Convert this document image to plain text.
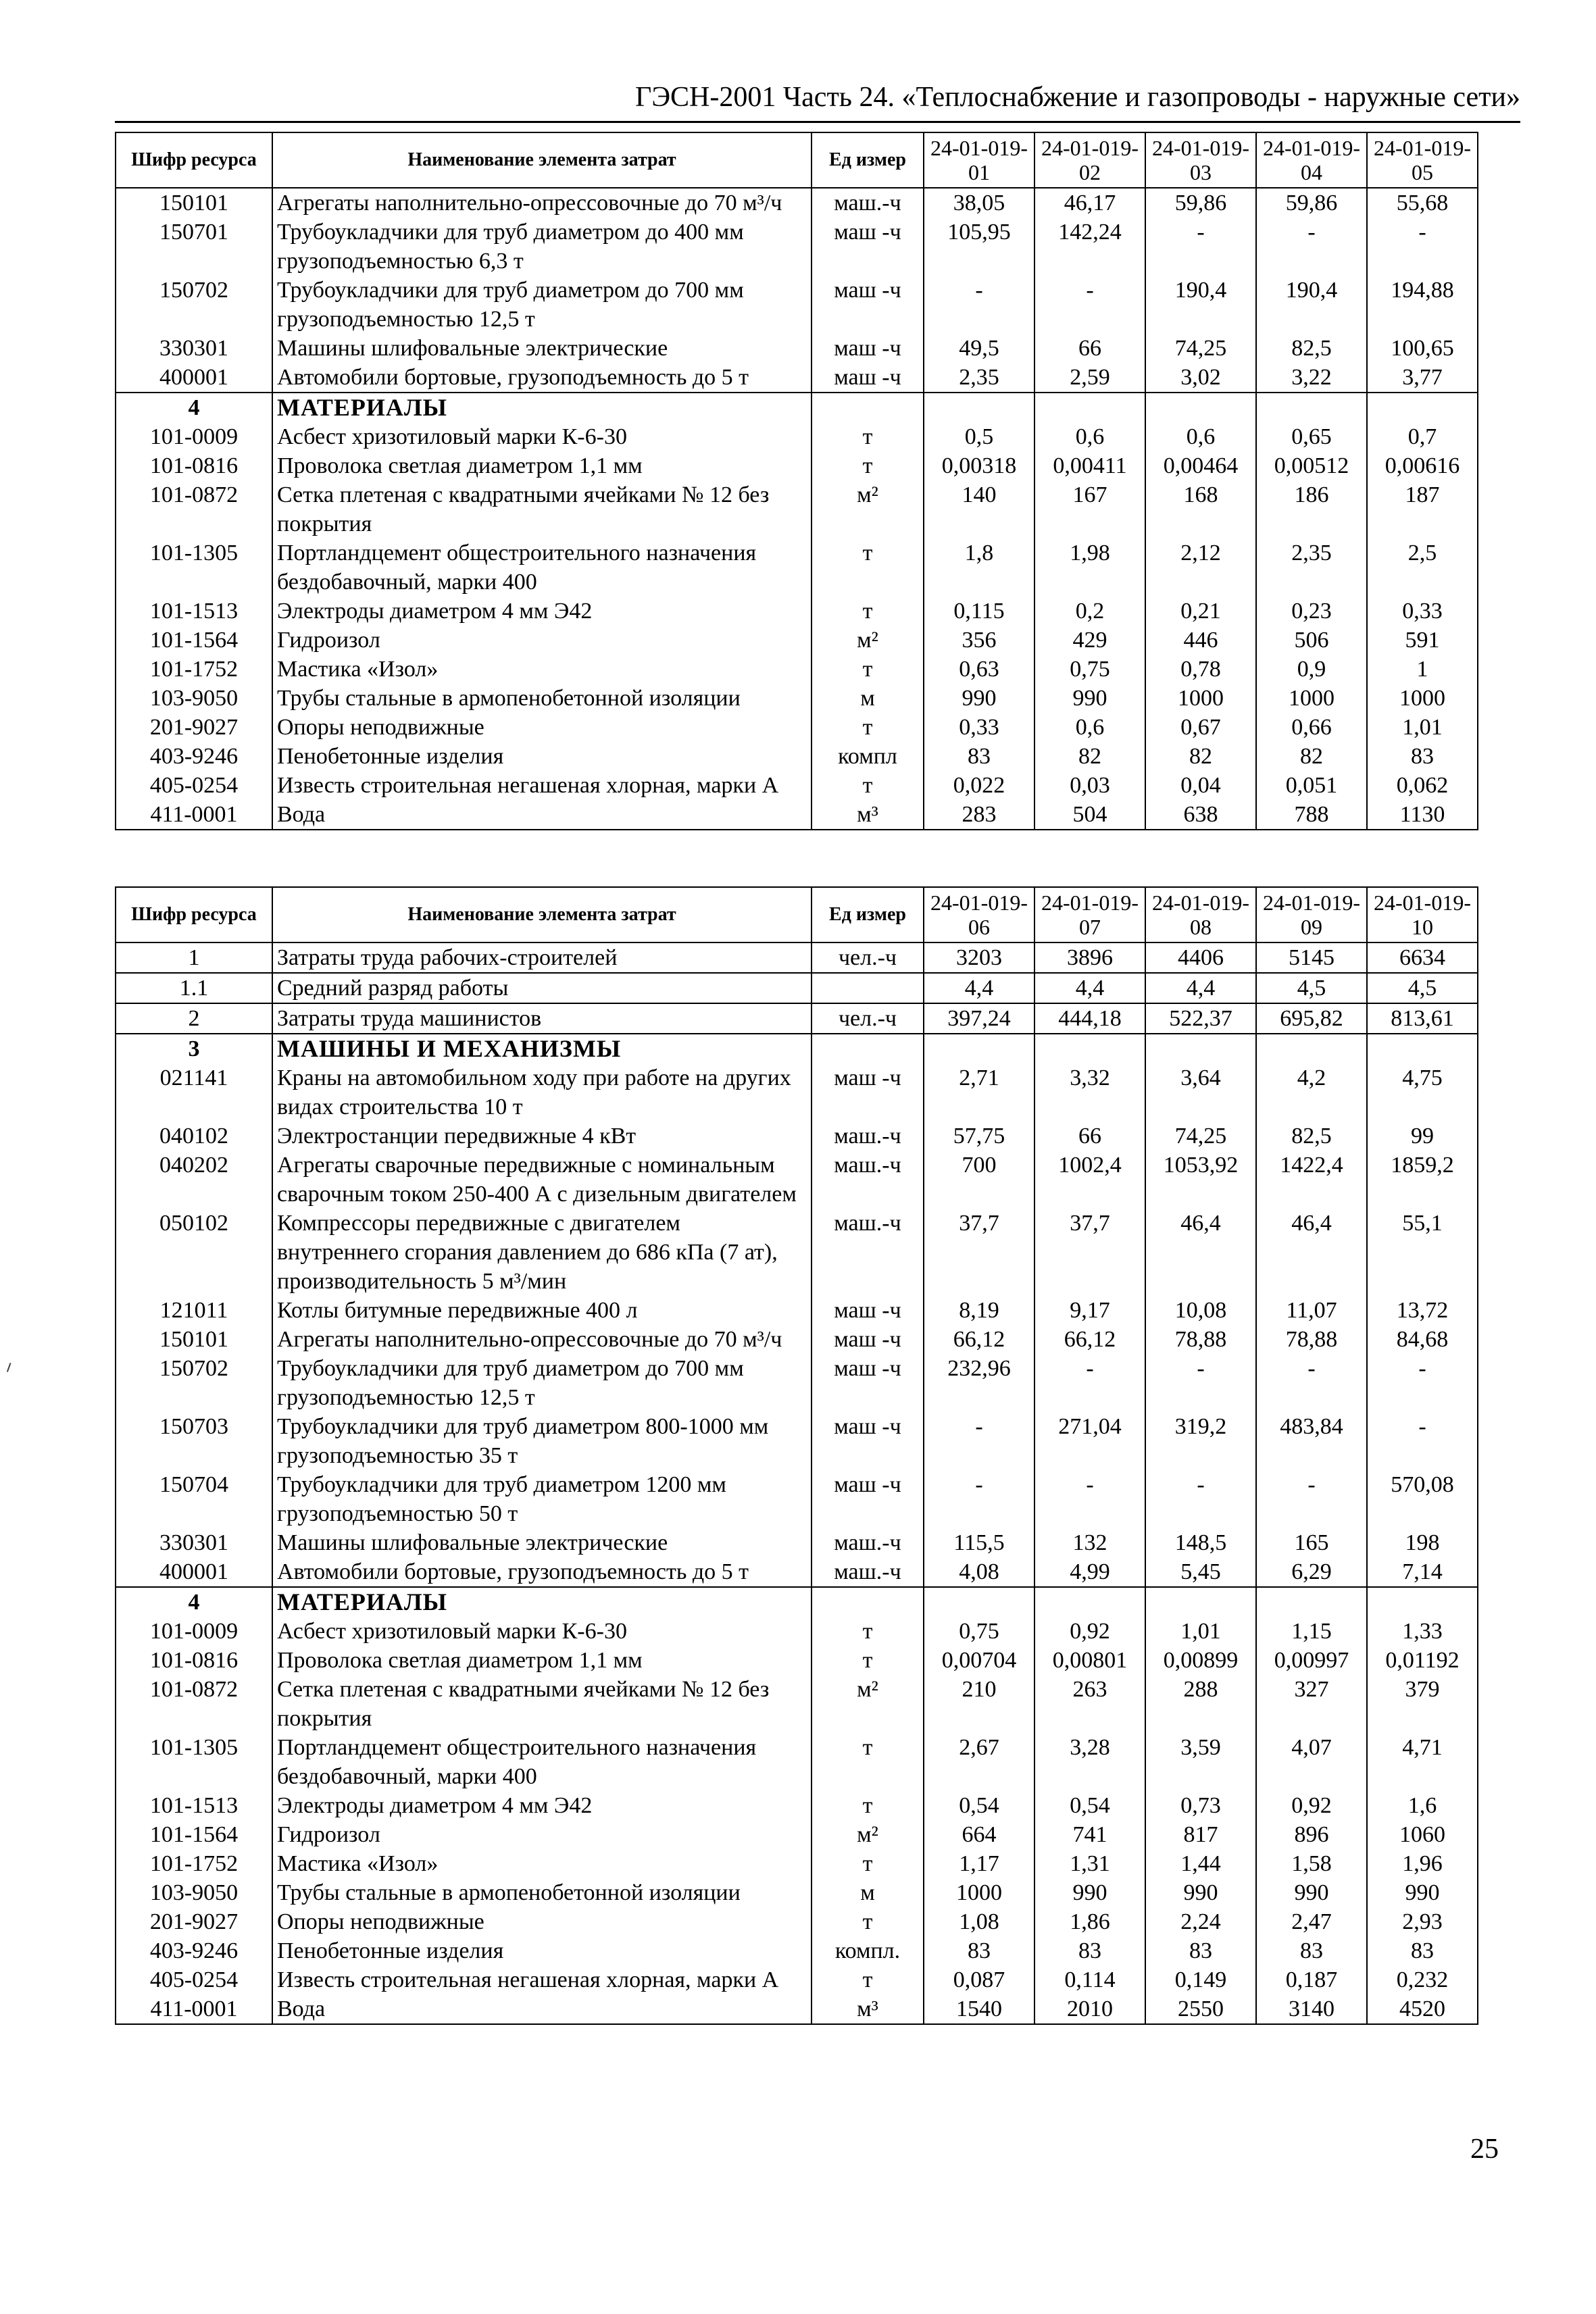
ГЭСН-2001 Часть 24. «Теплоснабжение и газопроводы - наружные сети»
Шифр ресурса	Наименование элемента затрат	Ед измер	24-01-019-01	24-01-019-02	24-01-019-03	24-01-019-04	24-01-019-05
150101	Агрегаты наполнительно-опрессовочные до 70 м³/ч	маш.-ч	38,05	46,17	59,86	59,86	55,68
150701	Трубоукладчики для труб диаметром до 400 мм грузоподъемностью 6,3 т	маш -ч	105,95	142,24	-	-	-
150702	Трубоукладчики для труб диаметром до 700 мм грузоподъемностью 12,5 т	маш -ч	-	-	190,4	190,4	194,88
330301	Машины шлифовальные электрические	маш -ч	49,5	66	74,25	82,5	100,65
400001	Автомобили бортовые, грузоподъемность до 5 т	маш -ч	2,35	2,59	3,02	3,22	3,77
4	МАТЕРИАЛЫ						
101-0009	Асбест хризотиловый марки К-6-30	т	0,5	0,6	0,6	0,65	0,7
101-0816	Проволока светлая диаметром 1,1 мм	т	0,00318	0,00411	0,00464	0,00512	0,00616
101-0872	Сетка плетеная с квадратными ячейками № 12 без покрытия	м²	140	167	168	186	187
101-1305	Портландцемент общестроительного назначения бездобавочный, марки 400	т	1,8	1,98	2,12	2,35	2,5
101-1513	Электроды диаметром 4 мм Э42	т	0,115	0,2	0,21	0,23	0,33
101-1564	Гидроизол	м²	356	429	446	506	591
101-1752	Мастика «Изол»	т	0,63	0,75	0,78	0,9	1
103-9050	Трубы стальные в армопенобетонной изоляции	м	990	990	1000	1000	1000
201-9027	Опоры неподвижные	т	0,33	0,6	0,67	0,66	1,01
403-9246	Пенобетонные изделия	компл	83	82	82	82	83
405-0254	Известь строительная негашеная хлорная, марки А	т	0,022	0,03	0,04	0,051	0,062
411-0001	Вода	м³	283	504	638	788	1130
Шифр ресурса	Наименование элемента затрат	Ед измер	24-01-019-06	24-01-019-07	24-01-019-08	24-01-019-09	24-01-019-10
1	Затраты труда рабочих-строителей	чел.-ч	3203	3896	4406	5145	6634
1.1	Средний разряд работы		4,4	4,4	4,4	4,5	4,5
2	Затраты труда машинистов	чел.-ч	397,24	444,18	522,37	695,82	813,61
3	МАШИНЫ И МЕХАНИЗМЫ						
021141	Краны на автомобильном ходу при работе на других видах строительства 10 т	маш -ч	2,71	3,32	3,64	4,2	4,75
040102	Электростанции передвижные 4 кВт	маш.-ч	57,75	66	74,25	82,5	99
040202	Агрегаты сварочные передвижные с номинальным сварочным током 250-400 А с дизельным двигателем	маш.-ч	700	1002,4	1053,92	1422,4	1859,2
050102	Компрессоры передвижные с двигателем внутреннего сгорания давлением до 686 кПа (7 ат), производительность 5 м³/мин	маш.-ч	37,7	37,7	46,4	46,4	55,1
121011	Котлы битумные передвижные 400 л	маш -ч	8,19	9,17	10,08	11,07	13,72
150101	Агрегаты наполнительно-опрессовочные до 70 м³/ч	маш -ч	66,12	66,12	78,88	78,88	84,68
150702	Трубоукладчики для труб диаметром до 700 мм грузоподъемностью 12,5 т	маш -ч	232,96	-	-	-	-
150703	Трубоукладчики для труб диаметром 800-1000 мм грузоподъемностью 35 т	маш -ч	-	271,04	319,2	483,84	-
150704	Трубоукладчики для труб диаметром 1200 мм грузоподъемностью 50 т	маш -ч	-	-	-	-	570,08
330301	Машины шлифовальные электрические	маш.-ч	115,5	132	148,5	165	198
400001	Автомобили бортовые, грузоподъемность до 5 т	маш.-ч	4,08	4,99	5,45	6,29	7,14
4	МАТЕРИАЛЫ						
101-0009	Асбест хризотиловый марки К-6-30	т	0,75	0,92	1,01	1,15	1,33
101-0816	Проволока светлая диаметром 1,1 мм	т	0,00704	0,00801	0,00899	0,00997	0,01192
101-0872	Сетка плетеная с квадратными ячейками № 12 без покрытия	м²	210	263	288	327	379
101-1305	Портландцемент общестроительного назначения бездобавочный, марки 400	т	2,67	3,28	3,59	4,07	4,71
101-1513	Электроды диаметром 4 мм Э42	т	0,54	0,54	0,73	0,92	1,6
101-1564	Гидроизол	м²	664	741	817	896	1060
101-1752	Мастика «Изол»	т	1,17	1,31	1,44	1,58	1,96
103-9050	Трубы стальные в армопенобетонной изоляции	м	1000	990	990	990	990
201-9027	Опоры неподвижные	т	1,08	1,86	2,24	2,47	2,93
403-9246	Пенобетонные изделия	компл.	83	83	83	83	83
405-0254	Известь строительная негашеная хлорная, марки А	т	0,087	0,114	0,149	0,187	0,232
411-0001	Вода	м³	1540	2010	2550	3140	4520
25
